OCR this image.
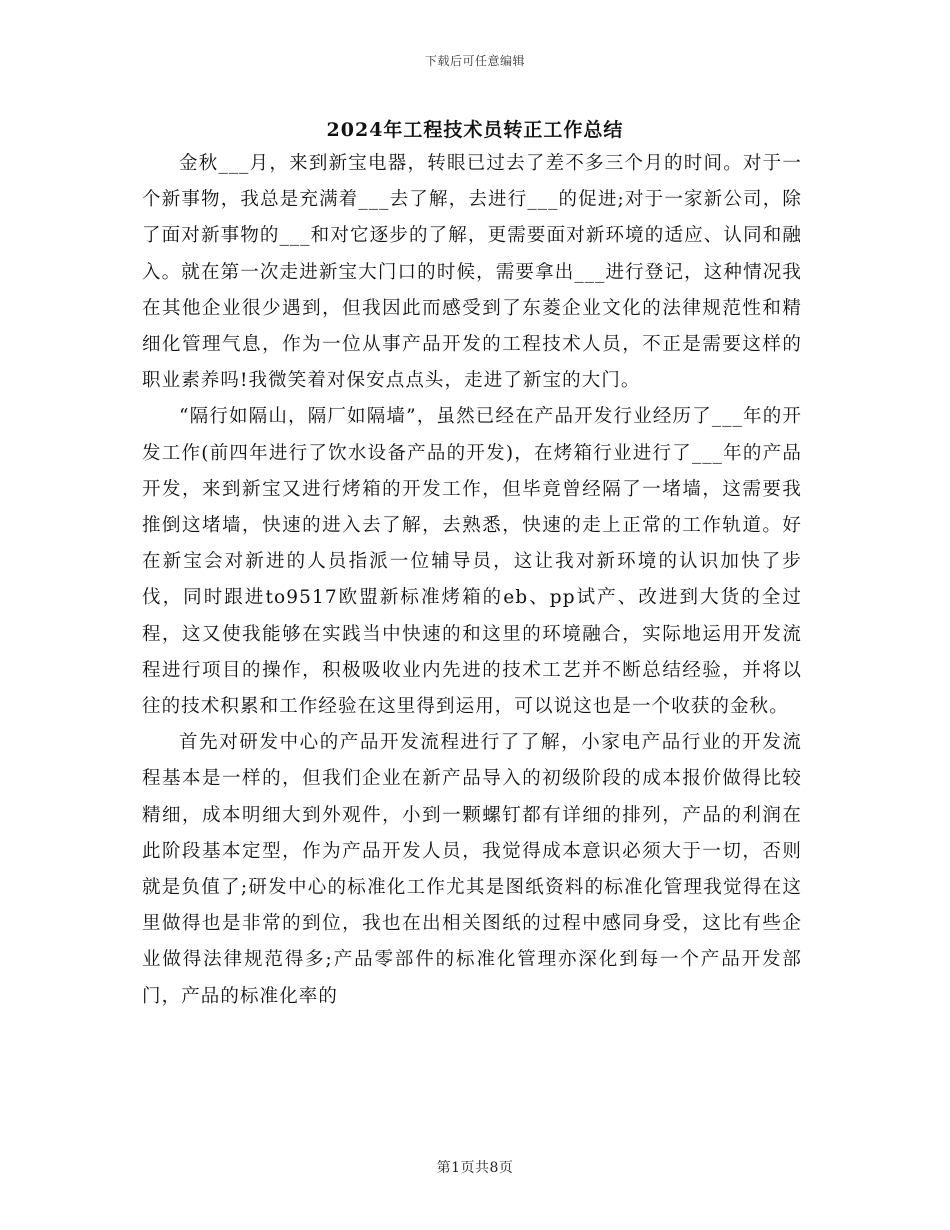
下载后可任意编辑
2024年工程技术员转正工作总结

金秋___月，来到新宝电器，转眼已过去了差不多三个月的时间。对于一个新事物，我总是充满着___去了解，去进行___的促进;对于一家新公司，除了面对新事物的___和对它逐步的了解，更需要面对新环境的适应、认同和融入。就在第一次走进新宝大门口的时候，需要拿出___进行登记，这种情况我在其他企业很少遇到，但我因此而感受到了东菱企业文化的法律规范性和精细化管理气息，作为一位从事产品开发的工程技术人员，不正是需要这样的职业素养吗!我微笑着对保安点点头，走进了新宝的大门。

“隔行如隔山，隔厂如隔墙”，虽然已经在产品开发行业经历了___年的开发工作(前四年进行了饮水设备产品的开发)，在烤箱行业进行了___年的产品开发，来到新宝又进行烤箱的开发工作，但毕竟曾经隔了一堵墙，这需要我推倒这堵墙，快速的进入去了解，去熟悉，快速的走上正常的工作轨道。好在新宝会对新进的人员指派一位辅导员，这让我对新环境的认识加快了步伐，同时跟进to9517欧盟新标准烤箱的eb、pp试产、改进到大货的全过程，这又使我能够在实践当中快速的和这里的环境融合，实际地运用开发流程进行项目的操作，积极吸收业内先进的技术工艺并不断总结经验，并将以往的技术积累和工作经验在这里得到运用，可以说这也是一个收获的金秋。

首先对研发中心的产品开发流程进行了了解，小家电产品行业的开发流程基本是一样的，但我们企业在新产品导入的初级阶段的成本报价做得比较精细，成本明细大到外观件，小到一颗螺钉都有详细的排列，产品的利润在此阶段基本定型，作为产品开发人员，我觉得成本意识必须大于一切，否则就是负值了;研发中心的标准化工作尤其是图纸资料的标准化管理我觉得在这里做得也是非常的到位，我也在出相关图纸的过程中感同身受，这比有些企业做得法律规范得多;产品零部件的标准化管理亦深化到每一个产品开发部门，产品的标准化率的

第1页共8页
